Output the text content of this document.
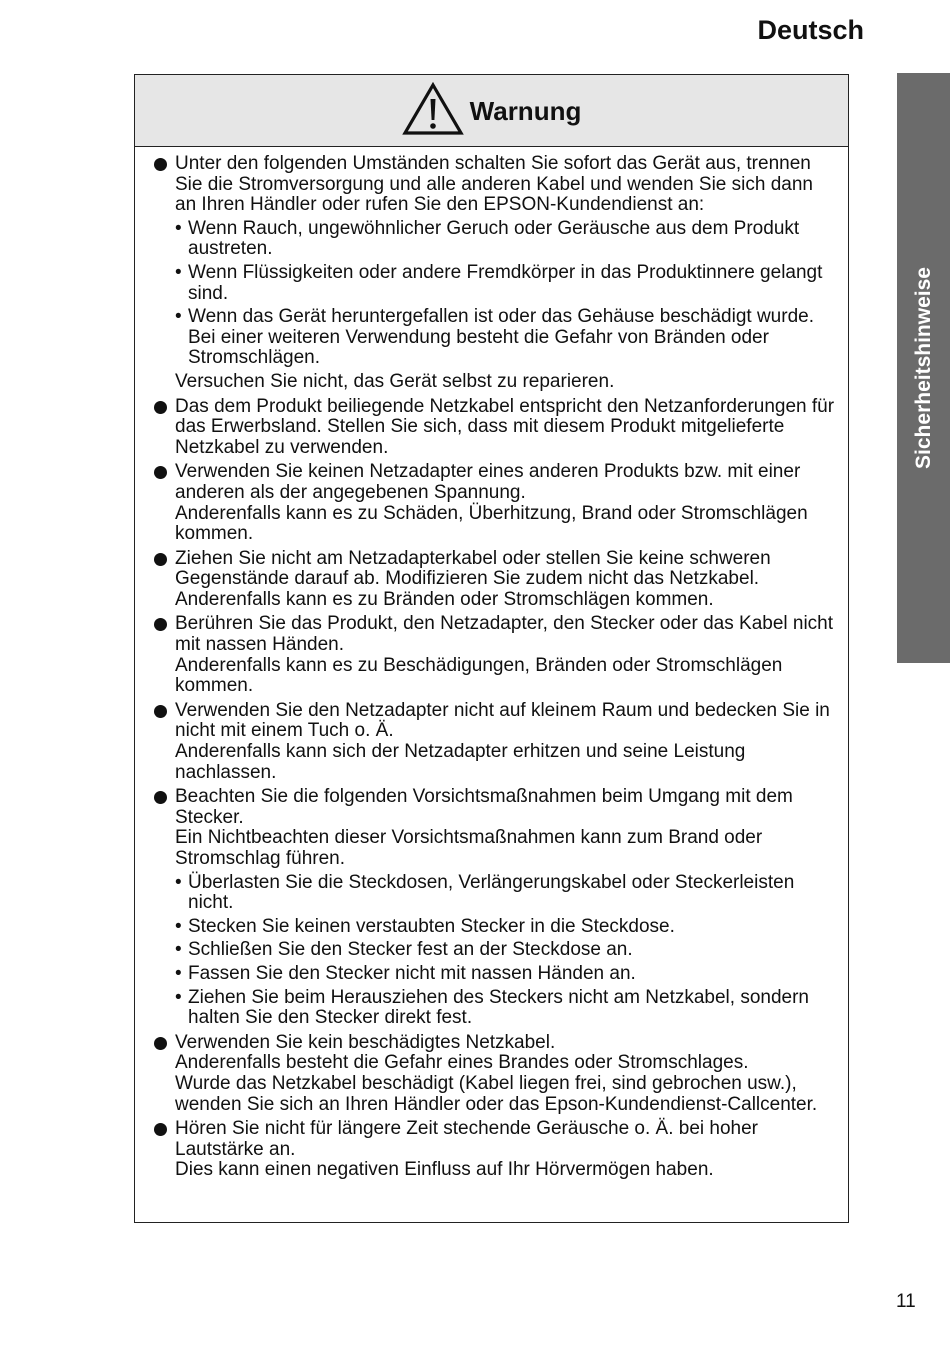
Deutsch
Sicherheitshinweise
Warnung
Unter den folgenden Umständen schalten Sie sofort das Gerät aus, trennen Sie die Stromversorgung und alle anderen Kabel und wenden Sie sich dann an Ihren Händler oder rufen Sie den EPSON-Kundendienst an:
• Wenn Rauch, ungewöhnlicher Geruch oder Geräusche aus dem Produkt austreten.
• Wenn Flüssigkeiten oder andere Fremdkörper in das Produktinnere gelangt sind.
• Wenn das Gerät heruntergefallen ist oder das Gehäuse beschädigt wurde.
Bei einer weiteren Verwendung besteht die Gefahr von Bränden oder Stromschlägen.
Versuchen Sie nicht, das Gerät selbst zu reparieren.
Das dem Produkt beiliegende Netzkabel entspricht den Netzanforderungen für das Erwerbsland. Stellen Sie sich, dass mit diesem Produkt mitgelieferte Netzkabel zu verwenden.
Verwenden Sie keinen Netzadapter eines anderen Produkts bzw. mit einer anderen als der angegebenen Spannung.
Anderenfalls kann es zu Schäden, Überhitzung, Brand oder Stromschlägen kommen.
Ziehen Sie nicht am Netzadapterkabel oder stellen Sie keine schweren Gegenstände darauf ab. Modifizieren Sie zudem nicht das Netzkabel.
Anderenfalls kann es zu Bränden oder Stromschlägen kommen.
Berühren Sie das Produkt, den Netzadapter, den Stecker oder das Kabel nicht mit nassen Händen.
Anderenfalls kann es zu Beschädigungen, Bränden oder Stromschlägen kommen.
Verwenden Sie den Netzadapter nicht auf kleinem Raum und bedecken Sie in nicht mit einem Tuch o. Ä.
Anderenfalls kann sich der Netzadapter erhitzen und seine Leistung nachlassen.
Beachten Sie die folgenden Vorsichtsmaßnahmen beim Umgang mit dem Stecker.
Ein Nichtbeachten dieser Vorsichtsmaßnahmen kann zum Brand oder Stromschlag führen.
• Überlasten Sie die Steckdosen, Verlängerungskabel oder Steckerleisten nicht.
• Stecken Sie keinen verstaubten Stecker in die Steckdose.
• Schließen Sie den Stecker fest an der Steckdose an.
• Fassen Sie den Stecker nicht mit nassen Händen an.
• Ziehen Sie beim Herausziehen des Steckers nicht am Netzkabel, sondern halten Sie den Stecker direkt fest.
Verwenden Sie kein beschädigtes Netzkabel.
Anderenfalls besteht die Gefahr eines Brandes oder Stromschlages.
Wurde das Netzkabel beschädigt (Kabel liegen frei, sind gebrochen usw.), wenden Sie sich an Ihren Händler oder das Epson-Kundendienst-Callcenter.
Hören Sie nicht für längere Zeit stechende Geräusche o. Ä. bei hoher Lautstärke an.
Dies kann einen negativen Einfluss auf Ihr Hörvermögen haben.
11
